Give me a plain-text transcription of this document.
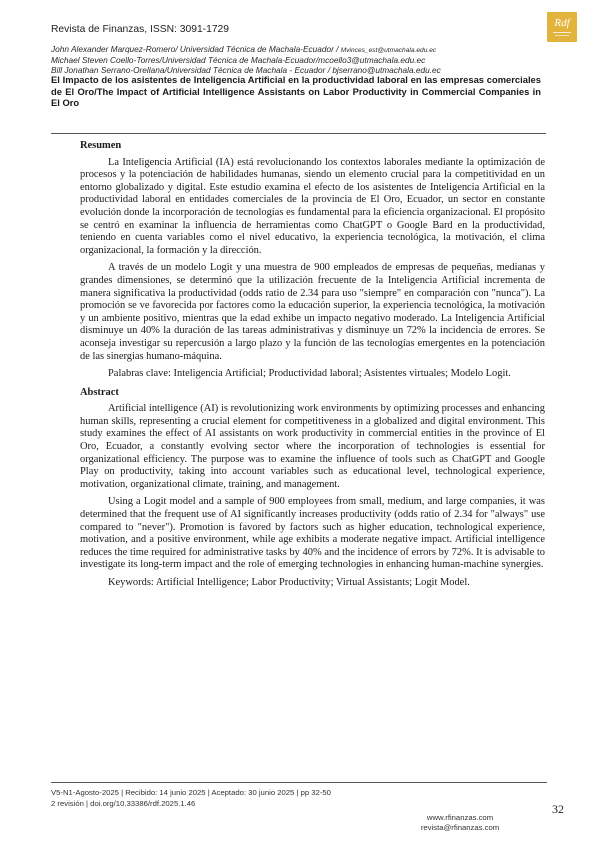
Revista de Finanzas, ISSN: 3091-1729
Rdf
John Alexander Marquez-Romero/ Universidad Técnica de Machala-Ecuador / Mvinces_est@utmachala.edu.ec
Michael Steven Coello-Torres/Universidad Técnica de Machala-Ecuador/mcoello3@utmachala.edu.ec
Bill Jonathan Serrano-Orellana/Universidad Técnica de Machala - Ecuador / bjserrano@utmachala.edu.ec
El Impacto de los asistentes de Inteligencia Artificial en la productividad laboral en las empresas comerciales de El Oro/The Impact of Artificial Intelligence Assistants on Labor Productivity in Commercial Companies in El Oro
Resumen

La Inteligencia Artificial (IA) está revolucionando los contextos laborales mediante la optimización de procesos y la potenciación de habilidades humanas, siendo un elemento crucial para la competitividad en un entorno globalizado y digital. Este estudio examina el efecto de los asistentes de Inteligencia Artificial en la productividad laboral en entidades comerciales de la provincia de El Oro, Ecuador, un sector en constante evolución donde la incorporación de tecnologías es fundamental para la eficiencia organizacional. El propósito se centró en examinar la influencia de herramientas como ChatGPT o Google Bard en la productividad, teniendo en cuenta variables como el nivel educativo, la experiencia tecnológica, la motivación, el clima organizacional, la formación y la dirección.

A través de un modelo Logit y una muestra de 900 empleados de empresas de pequeñas, medianas y grandes dimensiones, se determinó que la utilización frecuente de la Inteligencia Artificial incrementa de manera significativa la productividad (odds ratio de 2.34 para uso "siempre" en comparación con "nunca"). La promoción se ve favorecida por factores como la educación superior, la experiencia tecnológica, la motivación y un ambiente positivo, mientras que la edad exhibe un impacto negativo moderado. La Inteligencia Artificial disminuye un 40% la duración de las tareas administrativas y disminuye un 72% la incidencia de errores. Se aconseja investigar su repercusión a largo plazo y la función de las tecnologías emergentes en la potenciación de las sinergias humano-máquina.

Palabras clave: Inteligencia Artificial; Productividad laboral; Asistentes virtuales; Modelo Logit.

Abstract

Artificial intelligence (AI) is revolutionizing work environments by optimizing processes and enhancing human skills, representing a crucial element for competitiveness in a globalized and digital environment. This study examines the effect of AI assistants on work productivity in commercial entities in the province of El Oro, Ecuador, a constantly evolving sector where the incorporation of technologies is essential for organizational efficiency. The purpose was to examine the influence of tools such as ChatGPT and Google Play on productivity, taking into account variables such as educational level, technological experience, motivation, organizational climate, training, and management.

Using a Logit model and a sample of 900 employees from small, medium, and large companies, it was determined that the frequent use of AI significantly increases productivity (odds ratio of 2.34 for "always" use compared to "never"). Promotion is favored by factors such as higher education, technological experience, motivation, and a positive environment, while age exhibits a moderate negative impact. Artificial intelligence reduces the time required for administrative tasks by 40% and the incidence of errors by 72%. It is advisable to investigate its long-term impact and the role of emerging technologies in enhancing human-machine synergies.

Keywords: Artificial Intelligence; Labor Productivity; Virtual Assistants; Logit Model.

V5-N1-Agosto-2025 | Recibido: 14 junio 2025 | Aceptado: 30 junio 2025 | pp 32-50
2 revisión | doi.org/10.33386/rdf.2025.1.46	32
www.rfinanzas.com
revista@rfinanzas.com
